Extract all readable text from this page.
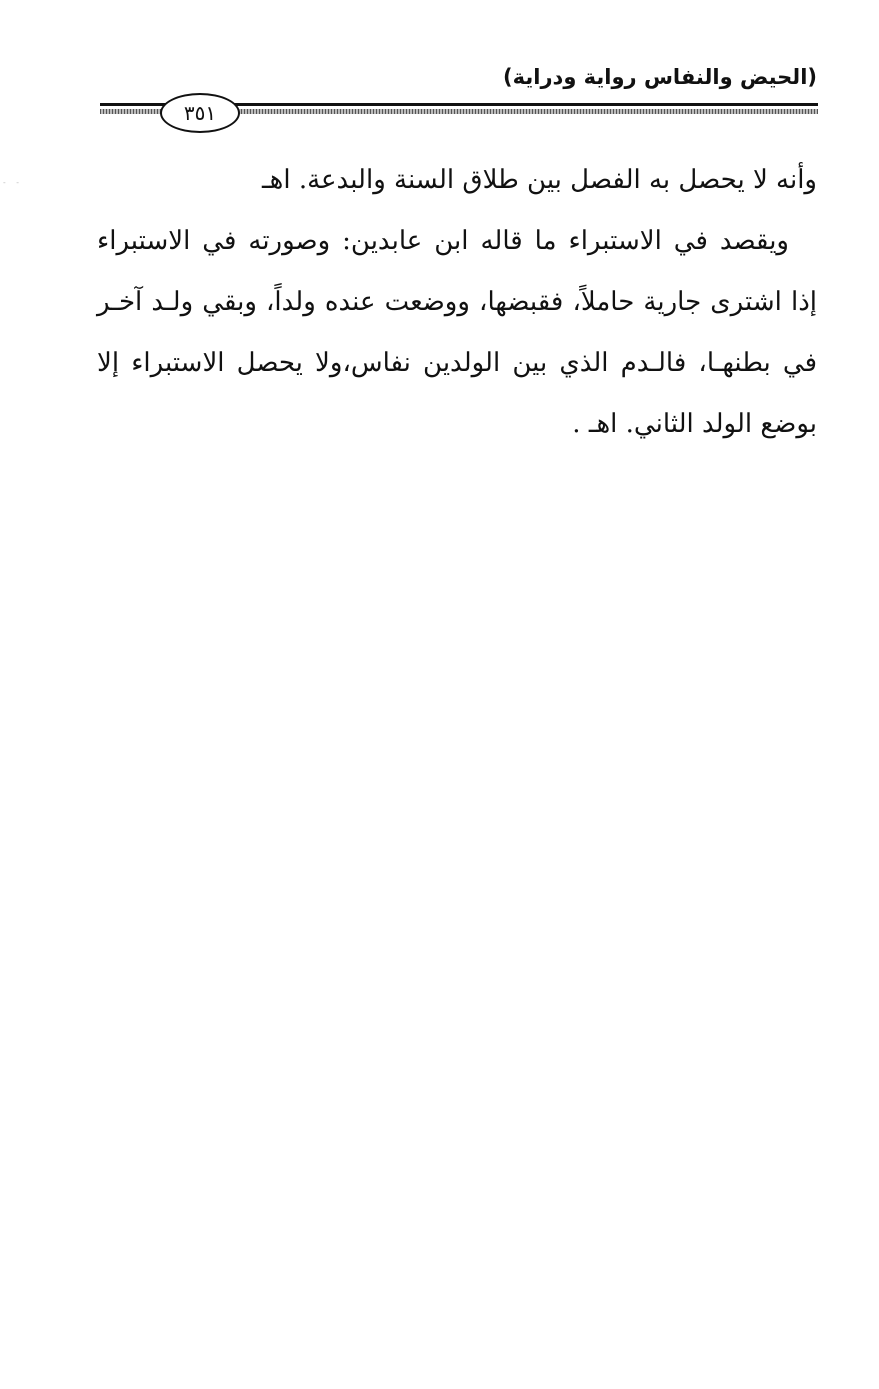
(الحيض والنفاس رواية ودراية)
٣٥١
- -	وأنه لا يحصل به الفصل بين طلاق السنة والبدعة. اهـ

ويقصد في الاستبراء ما قاله ابن عابدين: وصورته في الاستبراء إذا اشترى جارية حاملاً، فقبضها، ووضعت عنده ولداً، وبقي ولـد آخـر في بطنهـا، فالـدم الذي بين الولدين نفاس،ولا يحصل الاستبراء إلا بوضع الولد الثاني. اهـ .
